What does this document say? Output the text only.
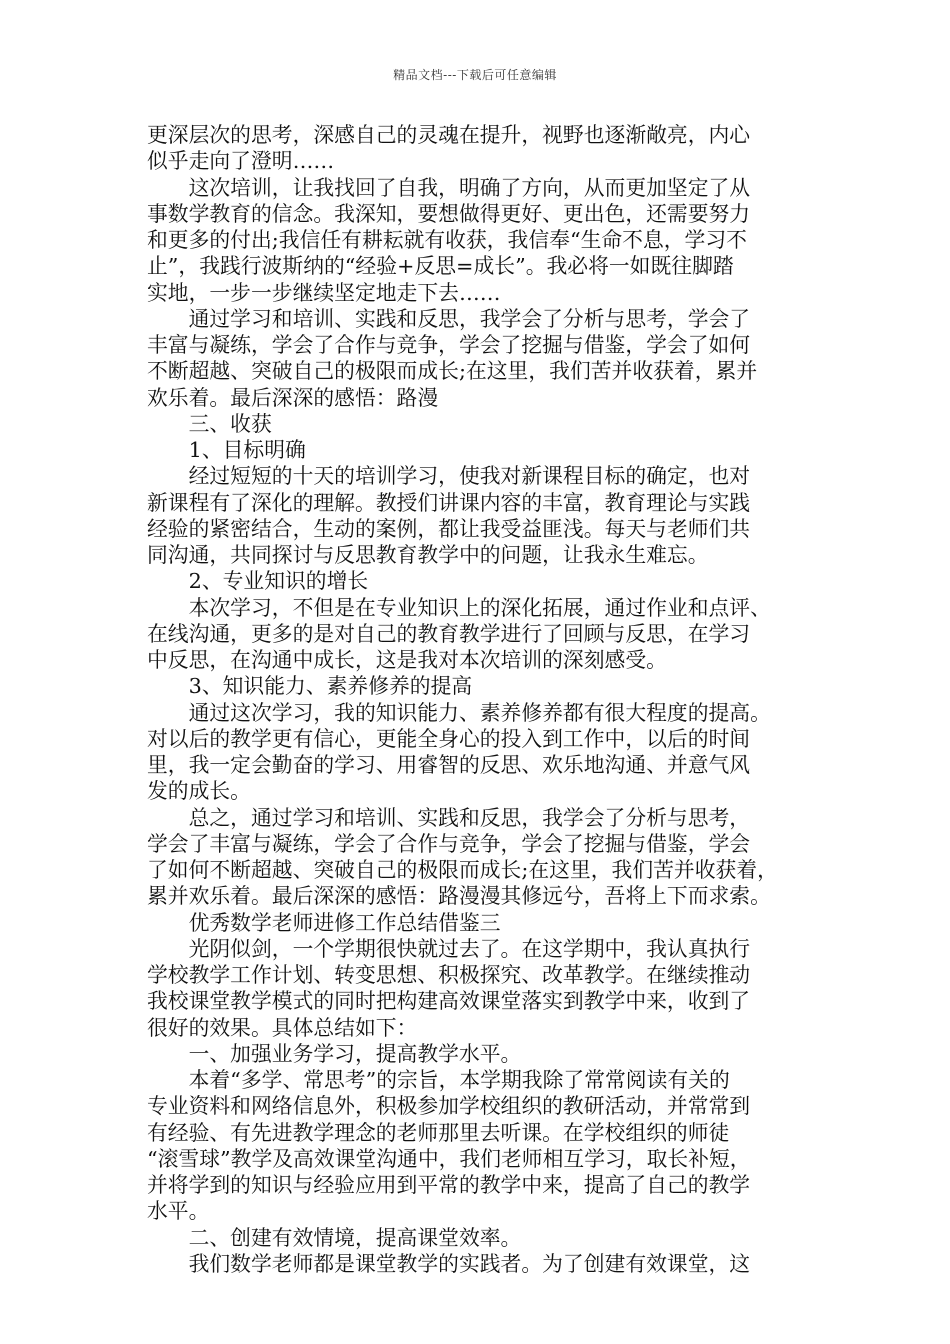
精品文档---下载后可任意编辑
更深层次的思考，深感自己的灵魂在提升，视野也逐渐敞亮，内心
似乎走向了澄明……
　　这次培训，让我找回了自我，明确了方向，从而更加坚定了从
事数学教育的信念。我深知，要想做得更好、更出色，还需要努力
和更多的付出;我信任有耕耘就有收获，我信奉“生命不息，学习不
止”，我践行波斯纳的“经验+反思=成长”。我必将一如既往脚踏
实地，一步一步继续坚定地走下去……
　　通过学习和培训、实践和反思，我学会了分析与思考，学会了
丰富与凝练，学会了合作与竞争，学会了挖掘与借鉴，学会了如何
不断超越、突破自己的极限而成长;在这里，我们苦并收获着，累并
欢乐着。最后深深的感悟：路漫
　　三、收获
　　1、目标明确
　　经过短短的十天的培训学习，使我对新课程目标的确定，也对
新课程有了深化的理解。教授们讲课内容的丰富，教育理论与实践
经验的紧密结合，生动的案例，都让我受益匪浅。每天与老师们共
同沟通，共同探讨与反思教育教学中的问题，让我永生难忘。
　　2、专业知识的增长
　　本次学习，不但是在专业知识上的深化拓展，通过作业和点评、
在线沟通，更多的是对自己的教育教学进行了回顾与反思，在学习
中反思，在沟通中成长，这是我对本次培训的深刻感受。
　　3、知识能力、素养修养的提高
　　通过这次学习，我的知识能力、素养修养都有很大程度的提高。
对以后的教学更有信心，更能全身心的投入到工作中，以后的时间
里，我一定会勤奋的学习、用睿智的反思、欢乐地沟通、并意气风
发的成长。
　　总之，通过学习和培训、实践和反思，我学会了分析与思考，
学会了丰富与凝练，学会了合作与竞争，学会了挖掘与借鉴，学会
了如何不断超越、突破自己的极限而成长;在这里，我们苦并收获着，
累并欢乐着。最后深深的感悟：路漫漫其修远兮，吾将上下而求索。
　　优秀数学老师进修工作总结借鉴三
　　光阴似剑，一个学期很快就过去了。在这学期中，我认真执行
学校教学工作计划、转变思想、积极探究、改革教学。在继续推动
我校课堂教学模式的同时把构建高效课堂落实到教学中来，收到了
很好的效果。具体总结如下：
　　一、加强业务学习，提高教学水平。
　　本着“多学、常思考”的宗旨，本学期我除了常常阅读有关的
专业资料和网络信息外，积极参加学校组织的教研活动，并常常到
有经验、有先进教学理念的老师那里去听课。在学校组织的师徒
“滚雪球”教学及高效课堂沟通中，我们老师相互学习，取长补短，
并将学到的知识与经验应用到平常的教学中来，提高了自己的教学
水平。
　　二、创建有效情境，提高课堂效率。
　　我们数学老师都是课堂教学的实践者。为了创建有效课堂，这
